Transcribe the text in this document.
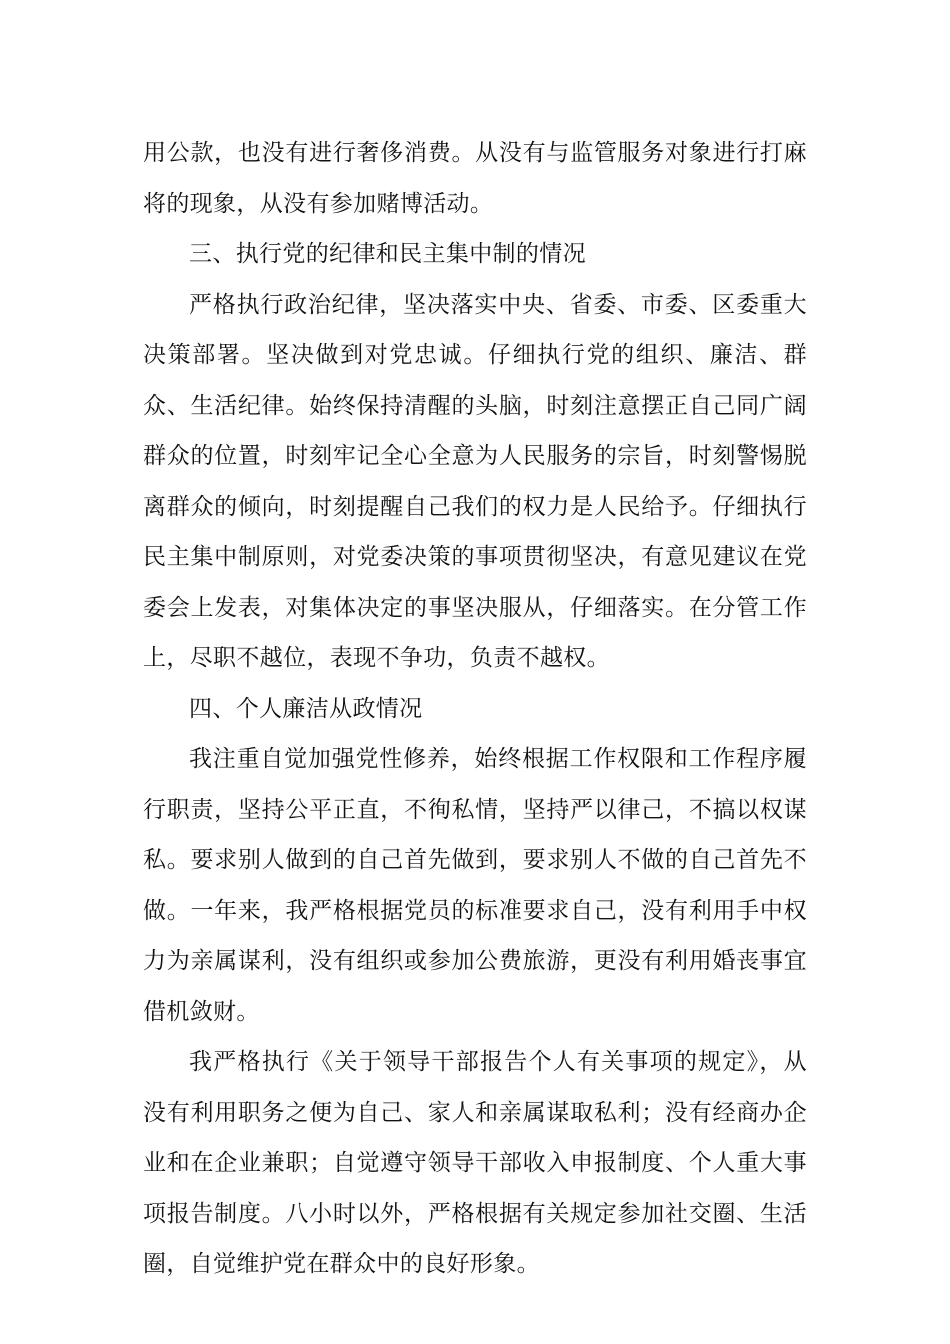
用公款，也没有进行奢侈消费。从没有与监管服务对象进行打麻将的现象，从没有参加赌博活动。

三、执行党的纪律和民主集中制的情况

严格执行政治纪律，坚决落实中央、省委、市委、区委重大决策部署。坚决做到对党忠诚。仔细执行党的组织、廉洁、群众、生活纪律。始终保持清醒的头脑，时刻注意摆正自己同广阔群众的位置，时刻牢记全心全意为人民服务的宗旨，时刻警惕脱离群众的倾向，时刻提醒自己我们的权力是人民给予。仔细执行民主集中制原则，对党委决策的事项贯彻坚决，有意见建议在党委会上发表，对集体决定的事坚决服从，仔细落实。在分管工作上，尽职不越位，表现不争功，负责不越权。

四、个人廉洁从政情况

我注重自觉加强党性修养，始终根据工作权限和工作程序履行职责，坚持公平正直，不徇私情，坚持严以律己，不搞以权谋私。要求别人做到的自己首先做到，要求别人不做的自己首先不做。一年来，我严格根据党员的标准要求自己，没有利用手中权力为亲属谋利，没有组织或参加公费旅游，更没有利用婚丧事宜借机敛财。

我严格执行《关于领导干部报告个人有关事项的规定》，从没有利用职务之便为自己、家人和亲属谋取私利；没有经商办企业和在企业兼职；自觉遵守领导干部收入申报制度、个人重大事项报告制度。八小时以外，严格根据有关规定参加社交圈、生活圈，自觉维护党在群众中的良好形象。
